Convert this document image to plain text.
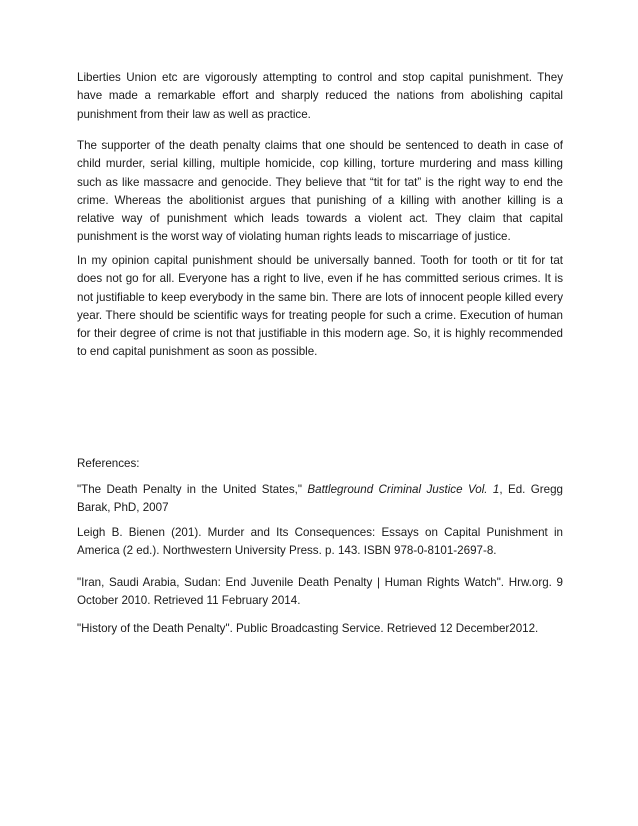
Liberties Union etc are vigorously attempting to control and stop capital punishment. They have made a remarkable effort and sharply reduced the nations from abolishing capital punishment from their law as well as practice.

The supporter of the death penalty claims that one should be sentenced to death in case of child murder, serial killing, multiple homicide, cop killing, torture murdering and mass killing such as like massacre and genocide. They believe that “tit for tat” is the right way to end the crime. Whereas the abolitionist argues that punishing of a killing with another killing is a relative way of punishment which leads towards a violent act. They claim that capital punishment is the worst way of violating human rights leads to miscarriage of justice.

In my opinion capital punishment should be universally banned. Tooth for tooth or tit for tat does not go for all. Everyone has a right to live, even if he has committed serious crimes. It is not justifiable to keep everybody in the same bin. There are lots of innocent people killed every year. There should be scientific ways for treating people for such a crime. Execution of human for their degree of crime is not that justifiable in this modern age. So, it is highly recommended to end capital punishment as soon as possible.

References:

"The Death Penalty in the United States," Battleground Criminal Justice Vol. 1, Ed. Gregg Barak, PhD, 2007

Leigh B. Bienen (201). Murder and Its Consequences: Essays on Capital Punishment in America (2 ed.). Northwestern University Press. p. 143. ISBN 978-0-8101-2697-8.

"Iran, Saudi Arabia, Sudan: End Juvenile Death Penalty | Human Rights Watch". Hrw.org. 9 October 2010. Retrieved 11 February 2014.

"History of the Death Penalty". Public Broadcasting Service. Retrieved 12 December2012.
